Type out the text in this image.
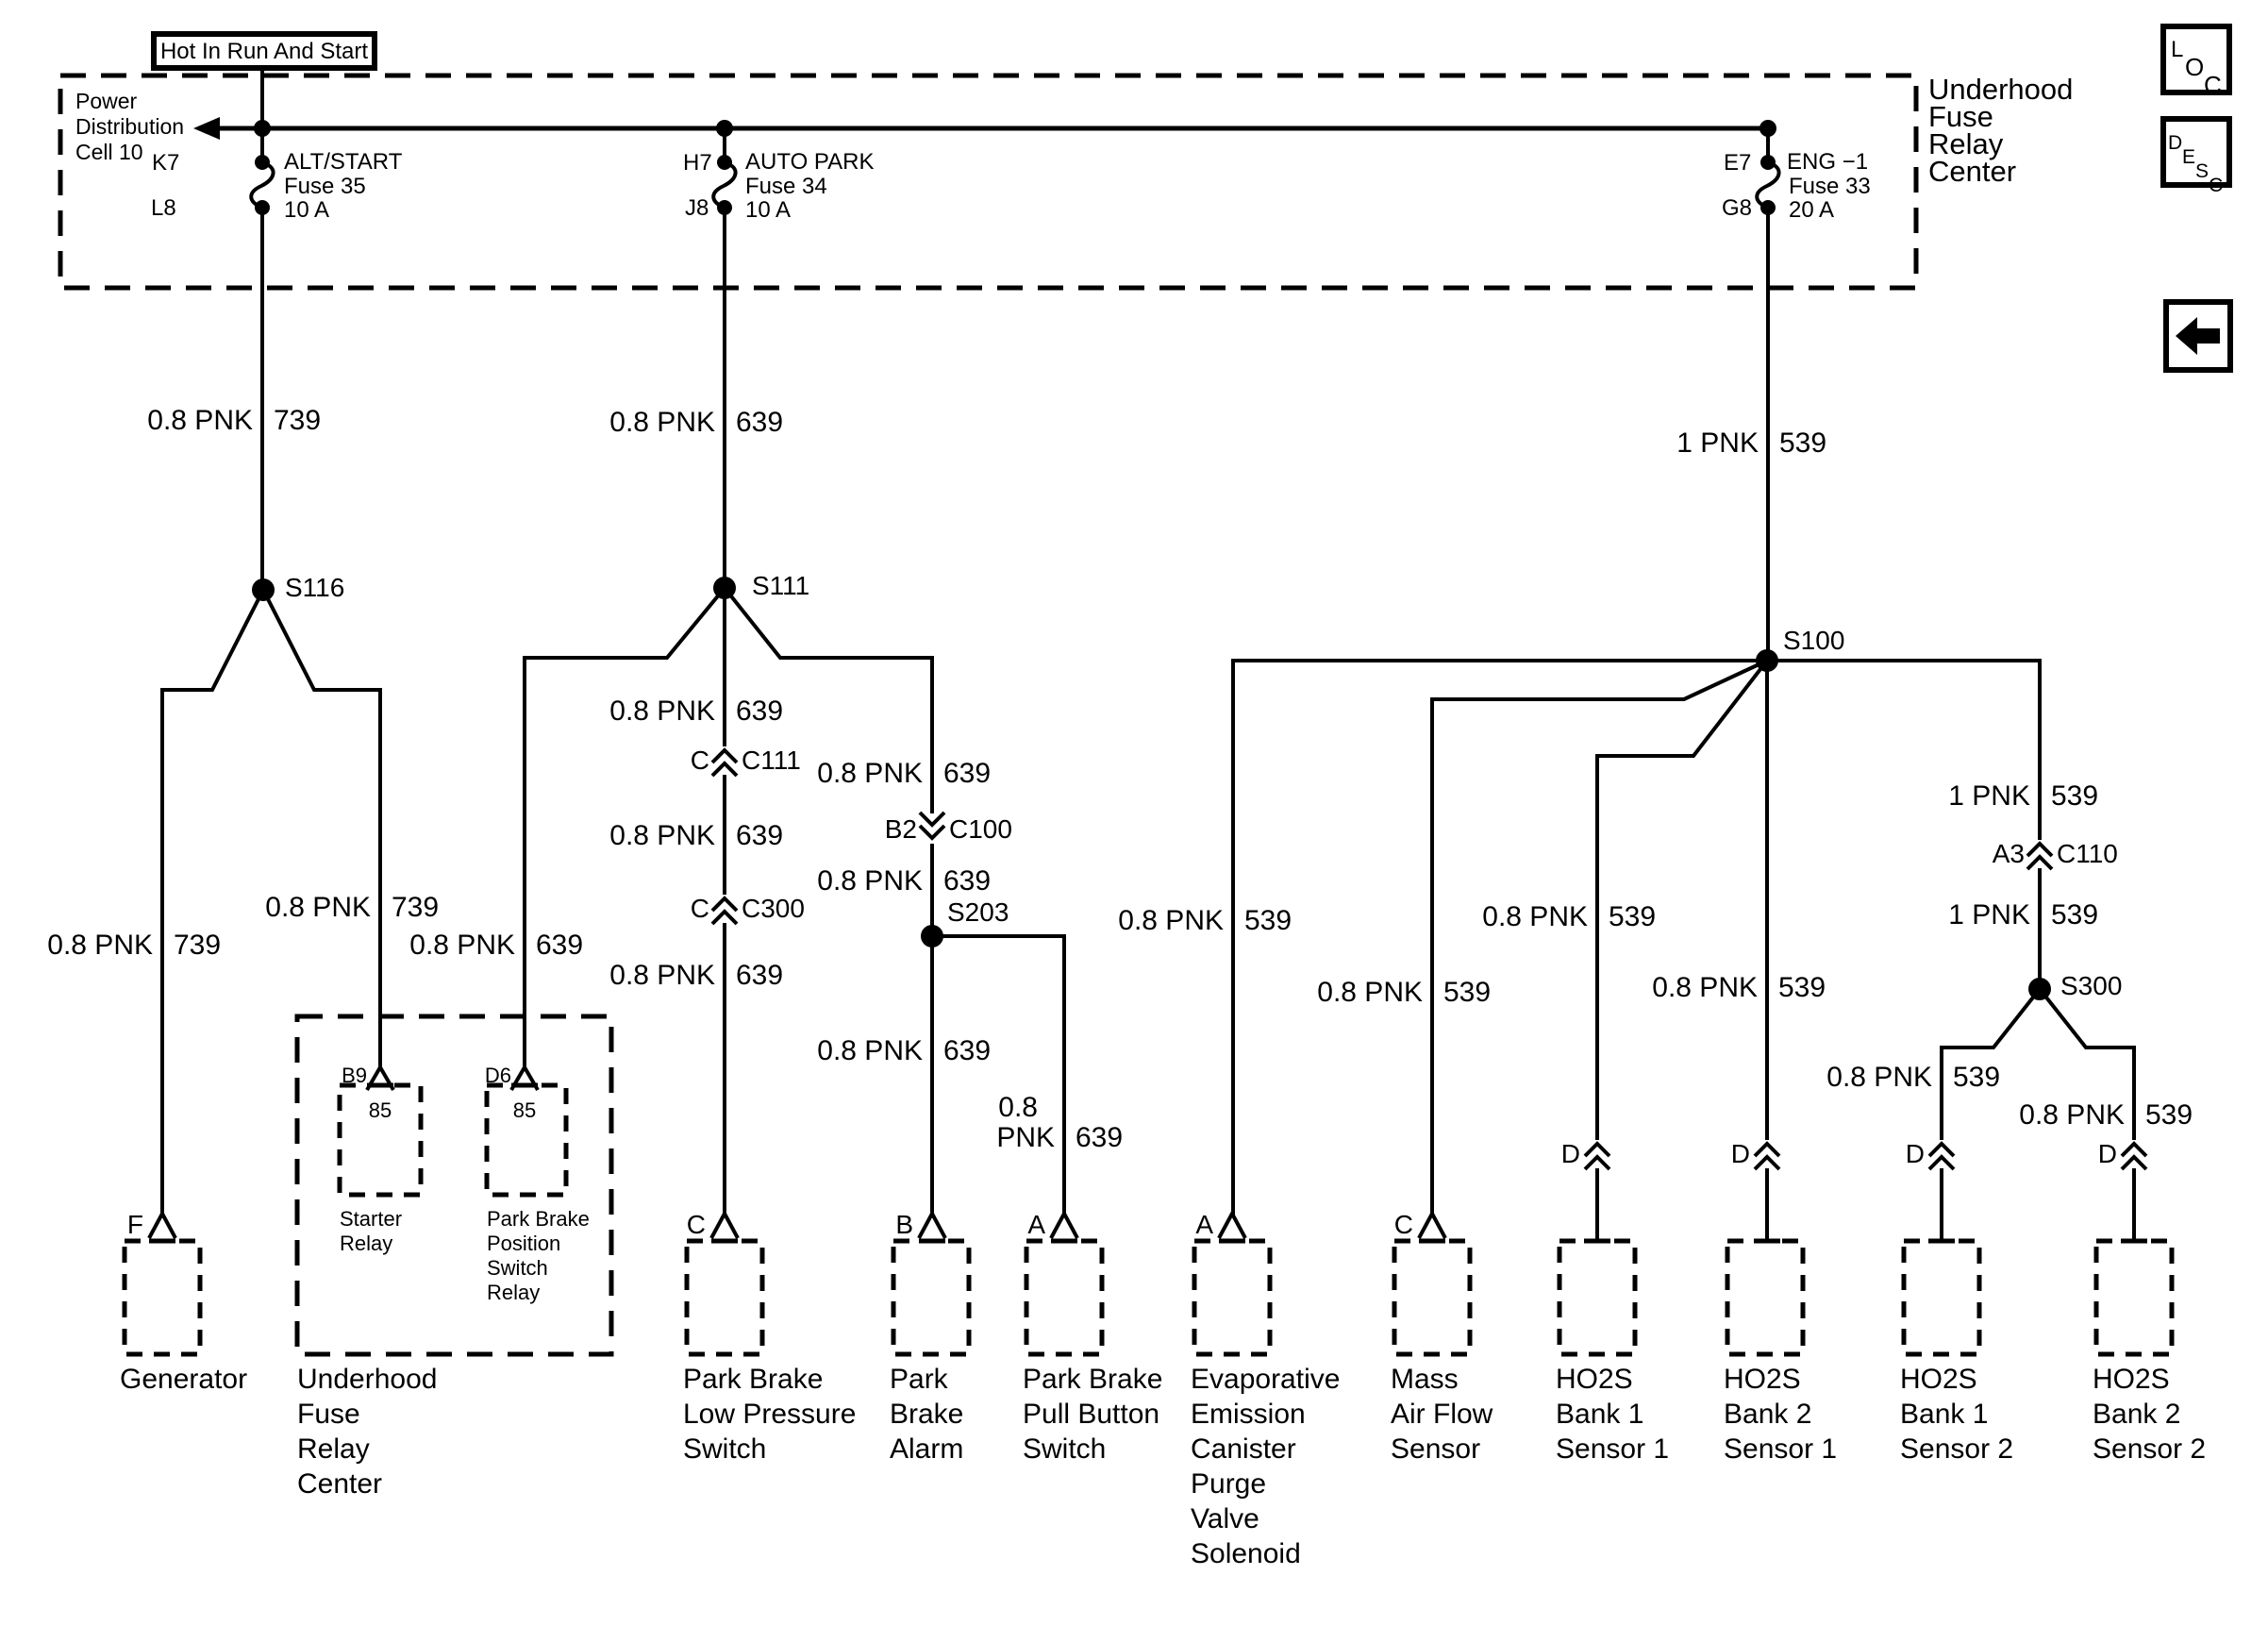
Hot In Run And Start
Power
Distribution
Cell 10
Underhood
Fuse
Relay
Center
K7
L8
ALT/START
Fuse 35
10 A
H7
J8
AUTO PARK
Fuse 34
10 A
E7
G8
ENG −1
Fuse 33
20 A
S116	S111
S100
S203
S300
0.8 PNK 739	0.8 PNK 639
1 PNK 539
0.8 PNK 639
0.8 PNK 639
0.8 PNK 639
0.8 PNK 739
0.8 PNK 639
0.8 PNK 639
0.8 PNK 739	0.8 PNK 639
0.8 PNK 639
0.8
PNK 639
0.8 PNK 539
0.8 PNK 539
0.8 PNK 539
0.8 PNK 539
1 PNK 539
1 PNK 539
0.8 PNK 539
0.8 PNK 539
C C111
B2 C100
C C300
A3 C110
D	D	D	D
F	C	B	A	A	C
B9
85
Starter
Relay
D6
85
Park Brake
Position
Switch
Relay
Generator Underhood
Fuse
Relay
Center
Park Brake
Low Pressure
Switch
Park
Brake
Alarm
Park Brake
Pull Button
Switch
Evaporative
Emission
Canister
Purge
Valve
Solenoid
Mass
Air Flow
Sensor
HO2S
Bank 1
Sensor 1
HO2S
Bank 2
Sensor 1
HO2S
Bank 1
Sensor 2
HO2S
Bank 2
Sensor 2
L
O
C
D
E
S
C
